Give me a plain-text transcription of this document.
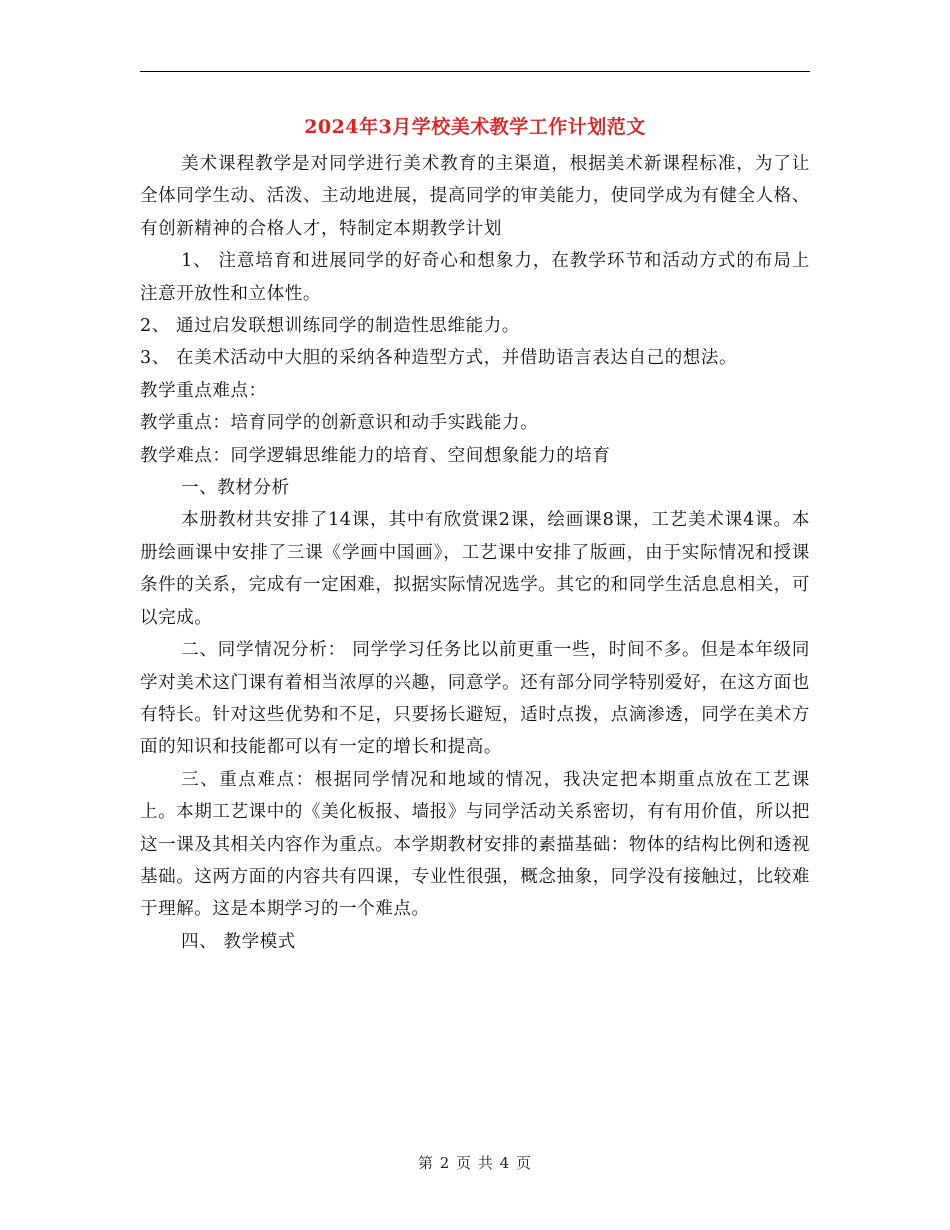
2024年3月学校美术教学工作计划范文

美术课程教学是对同学进行美术教育的主渠道，根据美术新课程标准，为了让全体同学生动、活泼、主动地进展，提高同学的审美能力，使同学成为有健全人格、有创新精神的合格人才，特制定本期教学计划

1、 注意培育和进展同学的好奇心和想象力，在教学环节和活动方式的布局上注意开放性和立体性。

2、 通过启发联想训练同学的制造性思维能力。

3、 在美术活动中大胆的采纳各种造型方式，并借助语言表达自己的想法。

教学重点难点：

教学重点：培育同学的创新意识和动手实践能力。

教学难点：同学逻辑思维能力的培育、空间想象能力的培育

一、教材分析

本册教材共安排了14课，其中有欣赏课2课，绘画课8课，工艺美术课4课。本册绘画课中安排了三课《学画中国画》，工艺课中安排了版画，由于实际情况和授课条件的关系，完成有一定困难，拟据实际情况选学。其它的和同学生活息息相关，可以完成。

二、同学情况分析： 同学学习任务比以前更重一些，时间不多。但是本年级同学对美术这门课有着相当浓厚的兴趣，同意学。还有部分同学特别爱好，在这方面也有特长。针对这些优势和不足，只要扬长避短，适时点拨，点滴渗透，同学在美术方面的知识和技能都可以有一定的增长和提高。

三、重点难点：根据同学情况和地域的情况，我决定把本期重点放在工艺课上。本期工艺课中的《美化板报、墙报》与同学活动关系密切，有有用价值，所以把这一课及其相关内容作为重点。本学期教材安排的素描基础：物体的结构比例和透视基础。这两方面的内容共有四课，专业性很强，概念抽象，同学没有接触过，比较难于理解。这是本期学习的一个难点。

四、 教学模式

第 2 页 共 4 页
